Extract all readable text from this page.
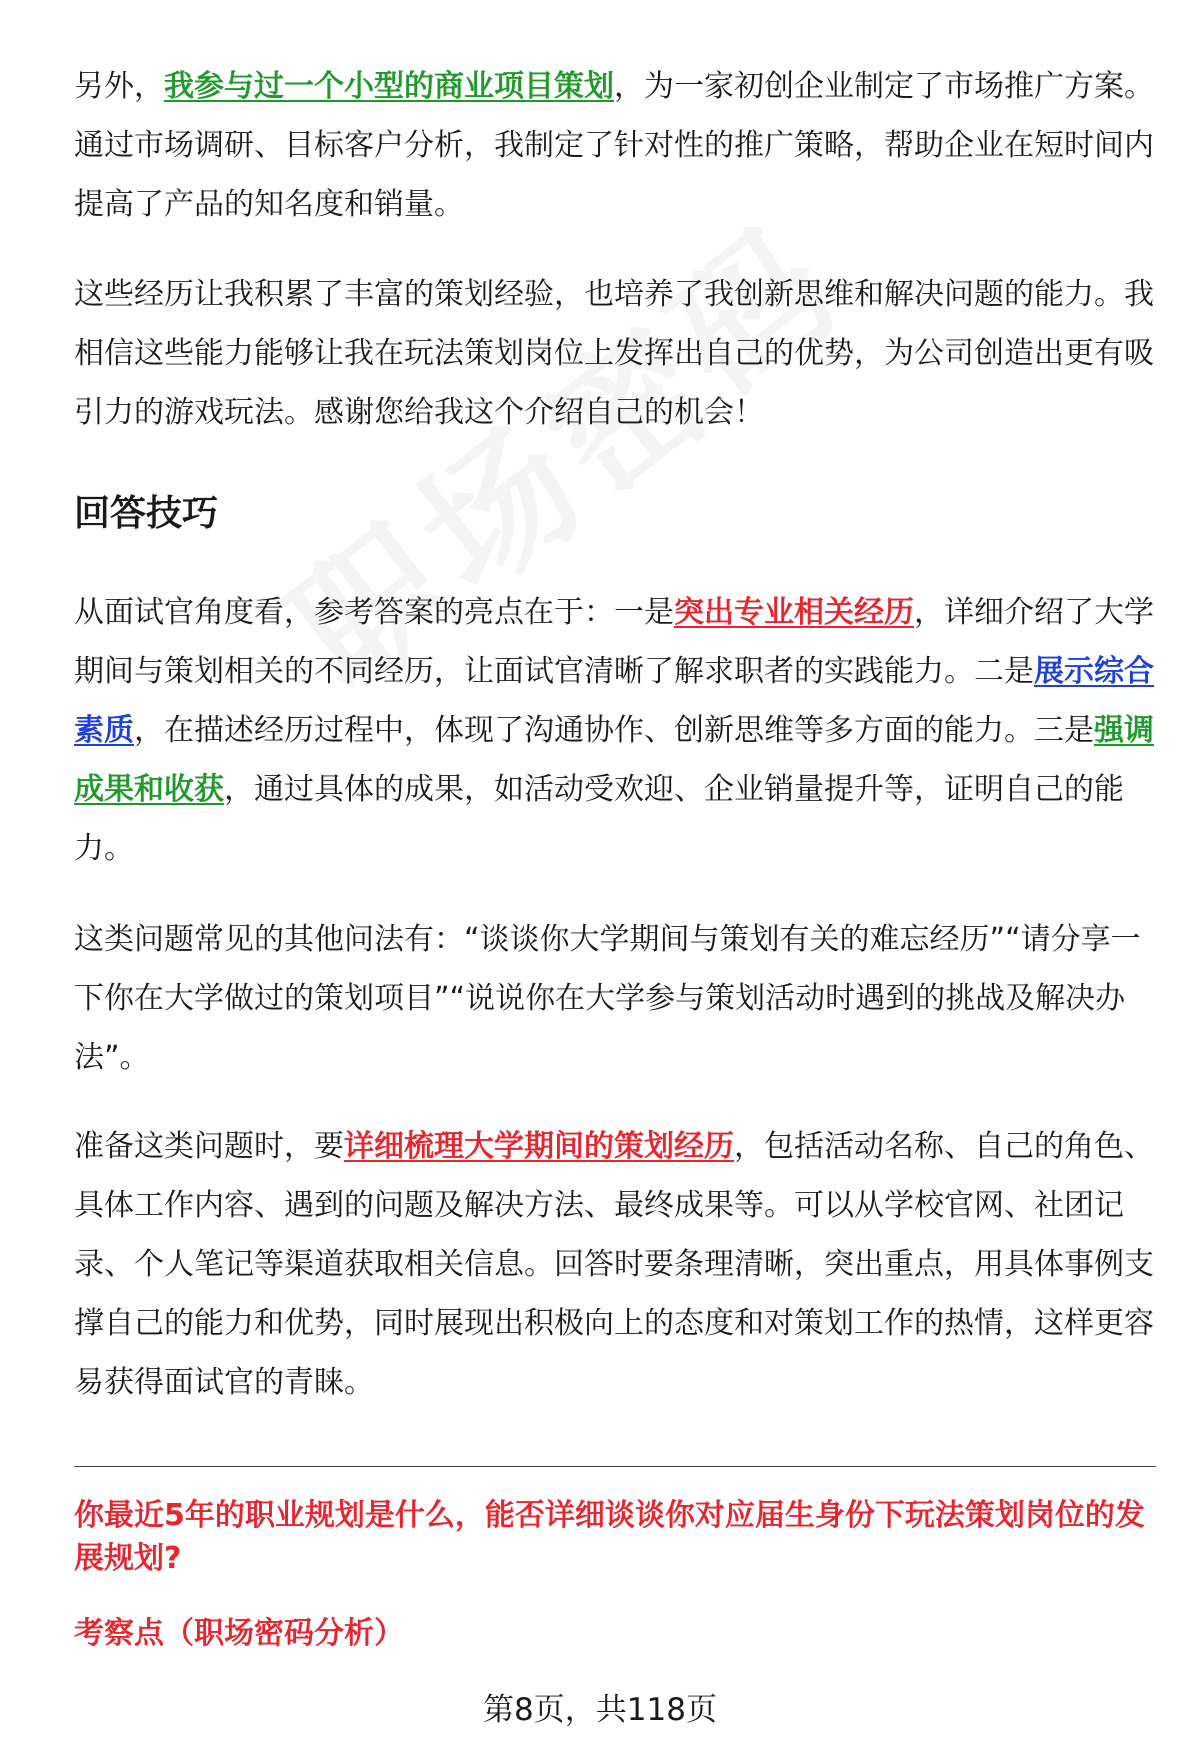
另外，我参与过一个小型的商业项目策划，为一家初创企业制定了市场推广方案。通过市场调研、目标客户分析，我制定了针对性的推广策略，帮助企业在短时间内提高了产品的知名度和销量。

这些经历让我积累了丰富的策划经验，也培养了我创新思维和解决问题的能力。我相信这些能力能够让我在玩法策划岗位上发挥出自己的优势，为公司创造出更有吸引力的游戏玩法。感谢您给我这个介绍自己的机会！

回答技巧

从面试官角度看，参考答案的亮点在于：一是突出专业相关经历，详细介绍了大学期间与策划相关的不同经历，让面试官清晰了解求职者的实践能力。二是展示综合素质，在描述经历过程中，体现了沟通协作、创新思维等多方面的能力。三是强调成果和收获，通过具体的成果，如活动受欢迎、企业销量提升等，证明自己的能力。

这类问题常见的其他问法有：“谈谈你大学期间与策划有关的难忘经历”“请分享一下你在大学做过的策划项目”“说说你在大学参与策划活动时遇到的挑战及解决办法”。

准备这类问题时，要详细梳理大学期间的策划经历，包括活动名称、自己的角色、具体工作内容、遇到的问题及解决方法、最终成果等。可以从学校官网、社团记录、个人笔记等渠道获取相关信息。回答时要条理清晰，突出重点，用具体事例支撑自己的能力和优势，同时展现出积极向上的态度和对策划工作的热情，这样更容易获得面试官的青睐。

你最近5年的职业规划是什么，能否详细谈谈你对应届生身份下玩法策划岗位的发展规划?

考察点（职场密码分析）

第8页，共118页
